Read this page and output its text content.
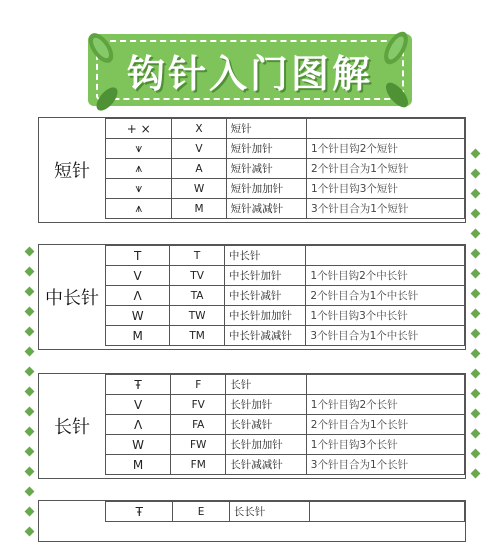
钩针入门图解
短针
+ ×	X	短针	
⩛	V	短针加针	1个针目钩2个短针
⩚	A	短针减针	2个针目合为1个短针
⩛	W	短针加加针	1个针目钩3个短针
⩚	M	短针减减针	3个针目合为1个短针
中长针
T	T	中长针	
V	TV	中长针加针	1个针目钩2个中长针
Λ	TA	中长针减针	2个针目合为1个中长针
W	TW	中长针加加针	1个针目钩3个中长针
M	TM	中长针减减针	3个针目合为1个中长针
长针
Ŧ	F	长针	
V	FV	长针加针	1个针目钩2个长针
Λ	FA	长针减针	2个针目合为1个长针
W	FW	长针加加针	1个针目钩3个长针
M	FM	长针减减针	3个针目合为1个长针
Ŧ	E	长长针	
